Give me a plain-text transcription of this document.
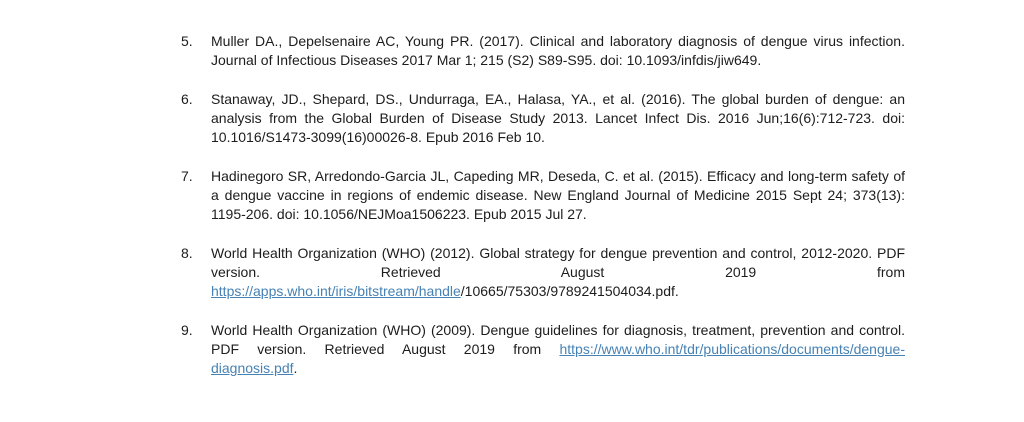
5. Muller DA., Depelsenaire AC, Young PR. (2017). Clinical and laboratory diagnosis of dengue virus infection. Journal of Infectious Diseases 2017 Mar 1; 215 (S2) S89-S95. doi: 10.1093/infdis/jiw649.

6. Stanaway, JD., Shepard, DS., Undurraga, EA., Halasa, YA., et al. (2016). The global burden of dengue: an analysis from the Global Burden of Disease Study 2013. Lancet Infect Dis. 2016 Jun;16(6):712-723. doi: 10.1016/S1473-3099(16)00026-8. Epub 2016 Feb 10.

7. Hadinegoro SR, Arredondo-Garcia JL, Capeding MR, Deseda, C. et al. (2015). Efficacy and long-term safety of a dengue vaccine in regions of endemic disease. New England Journal of Medicine 2015 Sept 24; 373(13): 1195-206. doi: 10.1056/NEJMoa1506223. Epub 2015 Jul 27.

8. World Health Organization (WHO) (2012). Global strategy for dengue prevention and control, 2012-2020. PDF version. Retrieved August 2019 from https://apps.who.int/iris/bitstream/handle/10665/75303/9789241504034.pdf.

9. World Health Organization (WHO) (2009). Dengue guidelines for diagnosis, treatment, prevention and control. PDF version. Retrieved August 2019 from https://www.who.int/tdr/publications/documents/dengue-diagnosis.pdf.
